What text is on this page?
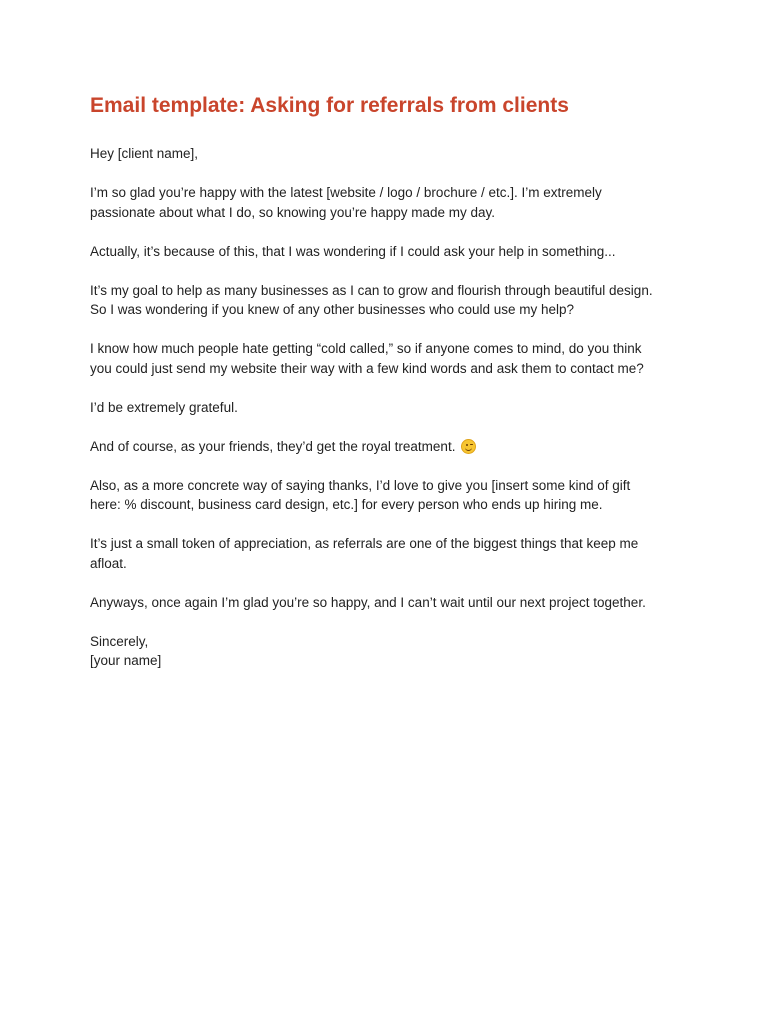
Email template: Asking for referrals from clients
Hey [client name],
I’m so glad you’re happy with the latest [website / logo / brochure / etc.]. I’m extremely
passionate about what I do, so knowing you’re happy made my day.
Actually, it’s because of this, that I was wondering if I could ask your help in something...
It’s my goal to help as many businesses as I can to grow and flourish through beautiful design.
So I was wondering if you knew of any other businesses who could use my help?
I know how much people hate getting “cold called,” so if anyone comes to mind, do you think
you could just send my website their way with a few kind words and ask them to contact me?
I’d be extremely grateful.
And of course, as your friends, they’d get the royal treatment.
Also, as a more concrete way of saying thanks, I’d love to give you [insert some kind of gift
here: % discount, business card design, etc.] for every person who ends up hiring me.
It’s just a small token of appreciation, as referrals are one of the biggest things that keep me
afloat.
Anyways, once again I’m glad you’re so happy, and I can’t wait until our next project together.
Sincerely,
[your name]
